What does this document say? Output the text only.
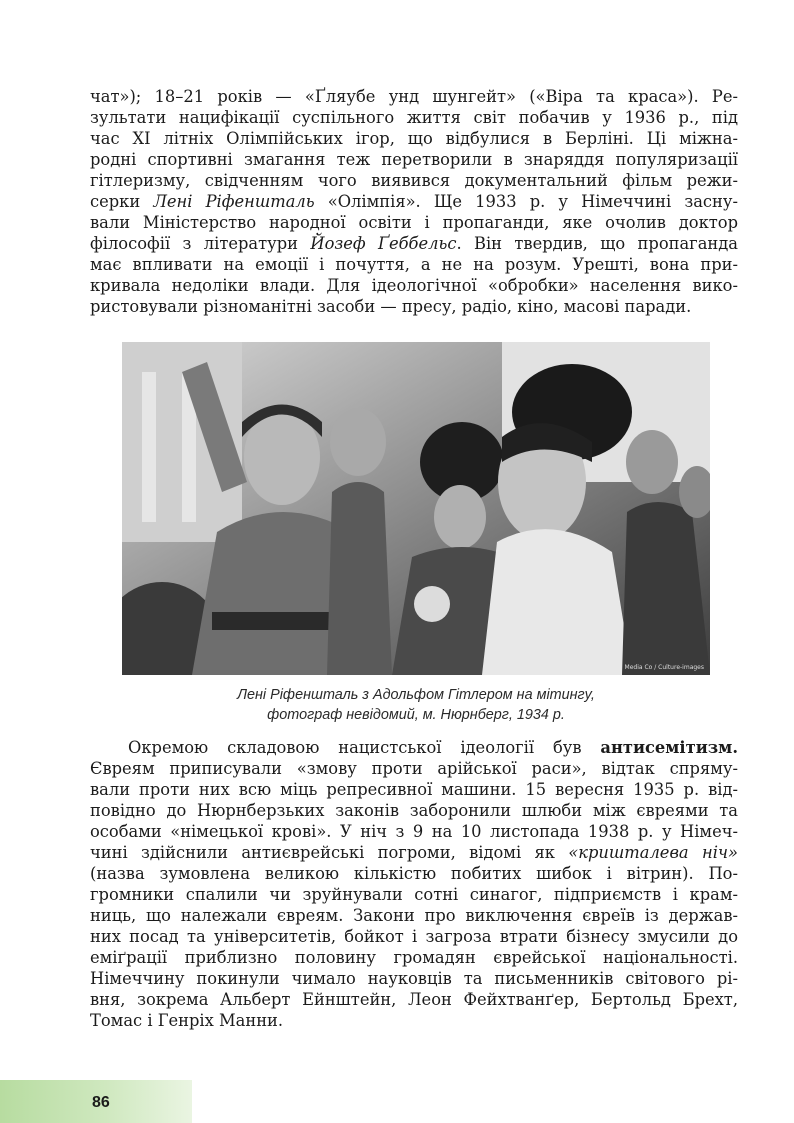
чат»); 18–21 років — «Ґляубе унд шунгейт» («Віра та краса»). Ре-
зультати нацифікації суспільного життя світ побачив у 1936 р., під
час XI літніх Олімпійських ігор, що відбулися в Берліні. Ці міжна-
родні спортивні змагання теж перетворили в знаряддя популяризації
гітлеризму, свідченням чого виявився документальний фільм режи-
серки Лені Ріфеншталь «Олімпія». Ще 1933 р. у Німеччині засну-
вали Міністерство народної освіти і пропаганди, яке очолив доктор
філософії з літератури Йозеф Ґеббельс. Він твердив, що пропаганда
має впливати на емоції і почуття, а не на розум. Урешті, вона при-
кривала недоліки влади. Для ідеологічної «обробки» населення вико-
ристовували різноманітні засоби — пресу, радіо, кіно, масові паради.
Media Co / Culture-images
Лені Ріфеншталь з Адольфом Гітлером на мітингу,
фотограф невідомий, м. Нюрнберг, 1934 р.
Окремою складовою нацистської ідеології був антисемітизм.
Євреям приписували «змову проти арійської раси», відтак спряму-
вали проти них всю міць репресивної машини. 15 вересня 1935 р. від-
повідно до Нюрнберзьких законів заборонили шлюби між євреями та
особами «німецької крові». У ніч з 9 на 10 листопада 1938 р. у Німеч-
чині здійснили антиєврейські погроми, відомі як «кришталева ніч»
(назва зумовлена великою кількістю побитих шибок і вітрин). По-
громники спалили чи зруйнували сотні синагог, підприємств і крам-
ниць, що належали євреям. Закони про виключення євреїв із держав-
них посад та університетів, бойкот і загроза втрати бізнесу змусили до
еміґрації приблизно половину громадян єврейської національності.
Німеччину покинули чимало науковців та письменників світового рі-
вня, зокрема Альберт Ейнштейн, Леон Фейхтванґер, Бертольд Брехт,
Томас і Генріх Манни.
86
